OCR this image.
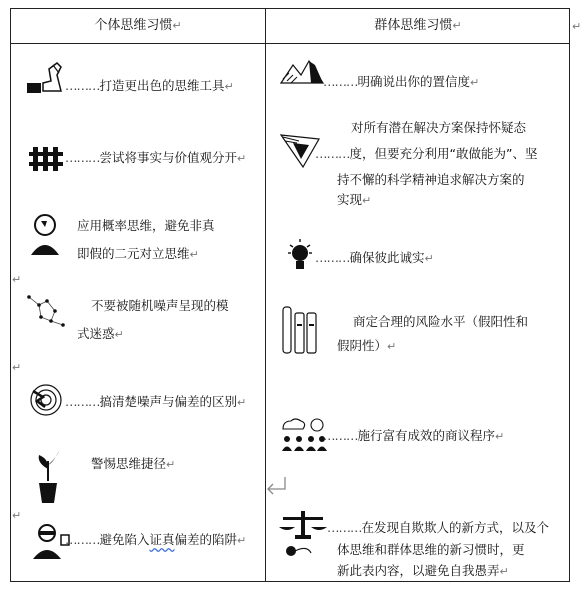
个体思维习惯↵	群体思维习惯↵
………打造更出色的思维工具↵
………尝试将事实与价值观分开↵
应用概率思维，避免非真
即假的二元对立思维↵
↵
不要被随机噪声呈现的模
式迷惑↵
↵
………搞清楚噪声与偏差的区别↵
警惕思维捷径↵
↵
………避免陷入证真偏差的陷阱↵
………明确说出你的置信度↵
对所有潜在解决方案保持怀疑态
………度，但要充分利用“敢做能为”、坚
持不懈的科学精神追求解决方案的
实现↵
………确保彼此诚实↵
商定合理的风险水平（假阳性和
假阴性）↵
………施行富有成效的商议程序↵
………在发现自欺欺人的新方式，以及个
体思维和群体思维的新习惯时，更
新此表内容，以避免自我愚弄↵
↵
